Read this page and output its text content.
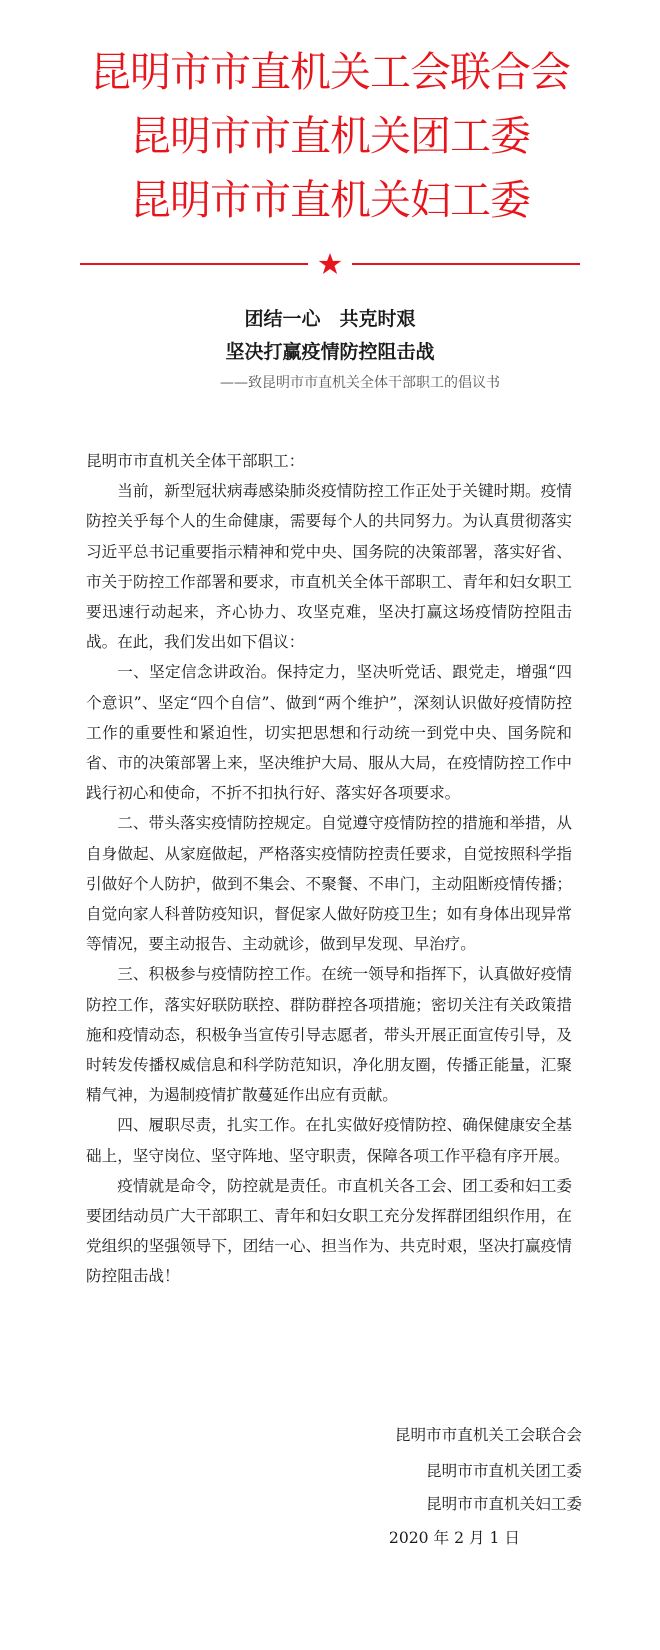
昆明市市直机关工会联合会
昆明市市直机关团工委
昆明市市直机关妇工委
团结一心　共克时艰
坚决打赢疫情防控阻击战
——致昆明市市直机关全体干部职工的倡议书

昆明市市直机关全体干部职工：

当前，新型冠状病毒感染肺炎疫情防控工作正处于关键时期。疫情防控关乎每个人的生命健康，需要每个人的共同努力。为认真贯彻落实习近平总书记重要指示精神和党中央、国务院的决策部署，落实好省、市关于防控工作部署和要求，市直机关全体干部职工、青年和妇女职工要迅速行动起来，齐心协力、攻坚克难，坚决打赢这场疫情防控阻击战。在此，我们发出如下倡议：

一、坚定信念讲政治。保持定力，坚决听党话、跟党走，增强“四个意识”、坚定“四个自信”、做到“两个维护”，深刻认识做好疫情防控工作的重要性和紧迫性，切实把思想和行动统一到党中央、国务院和省、市的决策部署上来，坚决维护大局、服从大局，在疫情防控工作中践行初心和使命，不折不扣执行好、落实好各项要求。

二、带头落实疫情防控规定。自觉遵守疫情防控的措施和举措，从自身做起、从家庭做起，严格落实疫情防控责任要求，自觉按照科学指引做好个人防护，做到不集会、不聚餐、不串门，主动阻断疫情传播；自觉向家人科普防疫知识，督促家人做好防疫卫生；如有身体出现异常等情况，要主动报告、主动就诊，做到早发现、早治疗。

三、积极参与疫情防控工作。在统一领导和指挥下，认真做好疫情防控工作，落实好联防联控、群防群控各项措施；密切关注有关政策措施和疫情动态，积极争当宣传引导志愿者，带头开展正面宣传引导，及时转发传播权威信息和科学防范知识，净化朋友圈，传播正能量，汇聚精气神，为遏制疫情扩散蔓延作出应有贡献。

四、履职尽责，扎实工作。在扎实做好疫情防控、确保健康安全基础上，坚守岗位、坚守阵地、坚守职责，保障各项工作平稳有序开展。

疫情就是命令，防控就是责任。市直机关各工会、团工委和妇工委要团结动员广大干部职工、青年和妇女职工充分发挥群团组织作用，在党组织的坚强领导下，团结一心、担当作为、共克时艰，坚决打赢疫情防控阻击战！

昆明市市直机关工会联合会
昆明市市直机关团工委
昆明市市直机关妇工委
2020 年 2 月 1 日
